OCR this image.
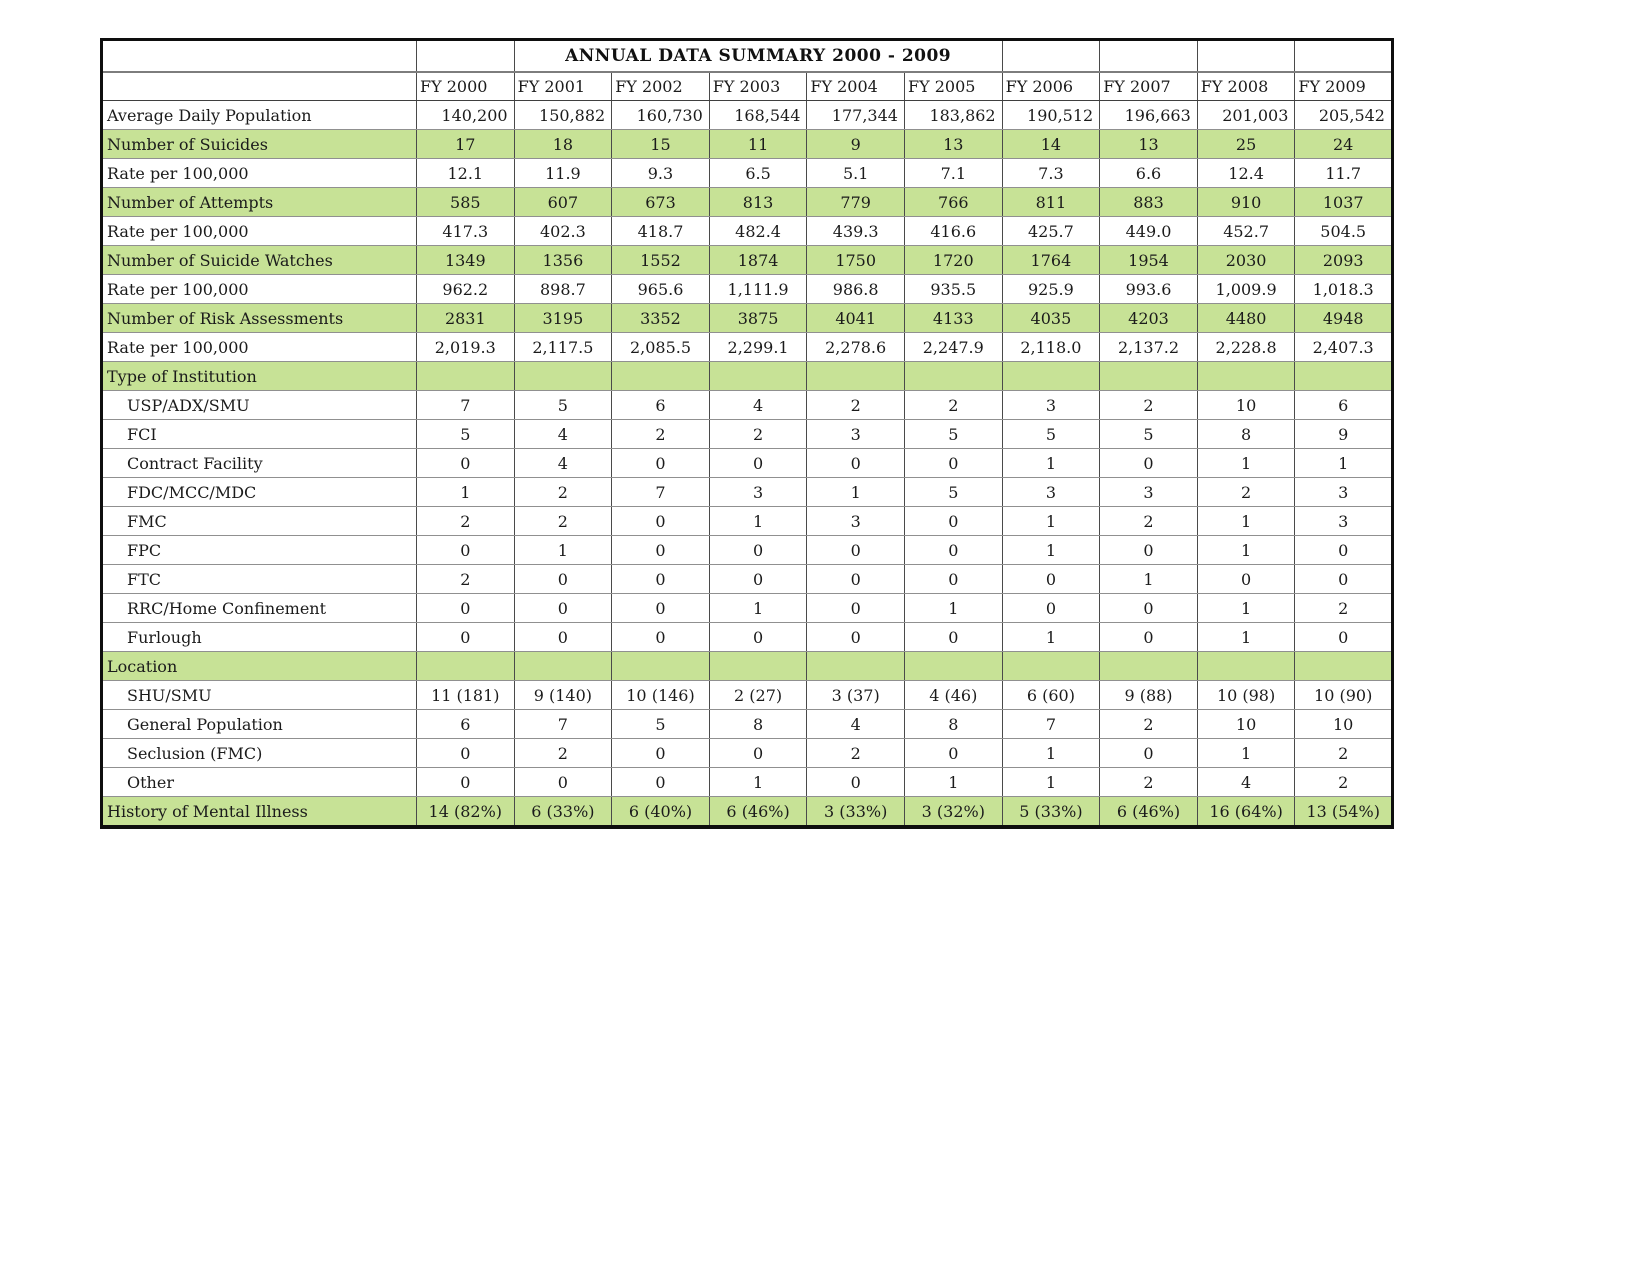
		ANNUAL DATA SUMMARY 2000 - 2009								
	FY 2000	FY 2001	FY 2002	FY 2003	FY 2004	FY 2005	FY 2006	FY 2007	FY 2008	FY 2009
Average Daily Population	140,200	150,882	160,730	168,544	177,344	183,862	190,512	196,663	201,003	205,542
Number of Suicides	17	18	15	11	9	13	14	13	25	24
Rate per 100,000	12.1	11.9	9.3	6.5	5.1	7.1	7.3	6.6	12.4	11.7
Number of Attempts	585	607	673	813	779	766	811	883	910	1037
Rate per 100,000	417.3	402.3	418.7	482.4	439.3	416.6	425.7	449.0	452.7	504.5
Number of Suicide Watches	1349	1356	1552	1874	1750	1720	1764	1954	2030	2093
Rate per 100,000	962.2	898.7	965.6	1,111.9	986.8	935.5	925.9	993.6	1,009.9	1,018.3
Number of Risk Assessments	2831	3195	3352	3875	4041	4133	4035	4203	4480	4948
Rate per 100,000	2,019.3	2,117.5	2,085.5	2,299.1	2,278.6	2,247.9	2,118.0	2,137.2	2,228.8	2,407.3
Type of Institution										
USP/ADX/SMU	7	5	6	4	2	2	3	2	10	6
FCI	5	4	2	2	3	5	5	5	8	9
Contract Facility	0	4	0	0	0	0	1	0	1	1
FDC/MCC/MDC	1	2	7	3	1	5	3	3	2	3
FMC	2	2	0	1	3	0	1	2	1	3
FPC	0	1	0	0	0	0	1	0	1	0
FTC	2	0	0	0	0	0	0	1	0	0
RRC/Home Confinement	0	0	0	1	0	1	0	0	1	2
Furlough	0	0	0	0	0	0	1	0	1	0
Location										
SHU/SMU	11 (181)	9 (140)	10 (146)	2 (27)	3 (37)	4 (46)	6 (60)	9 (88)	10 (98)	10 (90)
General Population	6	7	5	8	4	8	7	2	10	10
Seclusion (FMC)	0	2	0	0	2	0	1	0	1	2
Other	0	0	0	1	0	1	1	2	4	2
History of Mental Illness	14 (82%)	6 (33%)	6 (40%)	6 (46%)	3 (33%)	3 (32%)	5 (33%)	6 (46%)	16 (64%)	13 (54%)
